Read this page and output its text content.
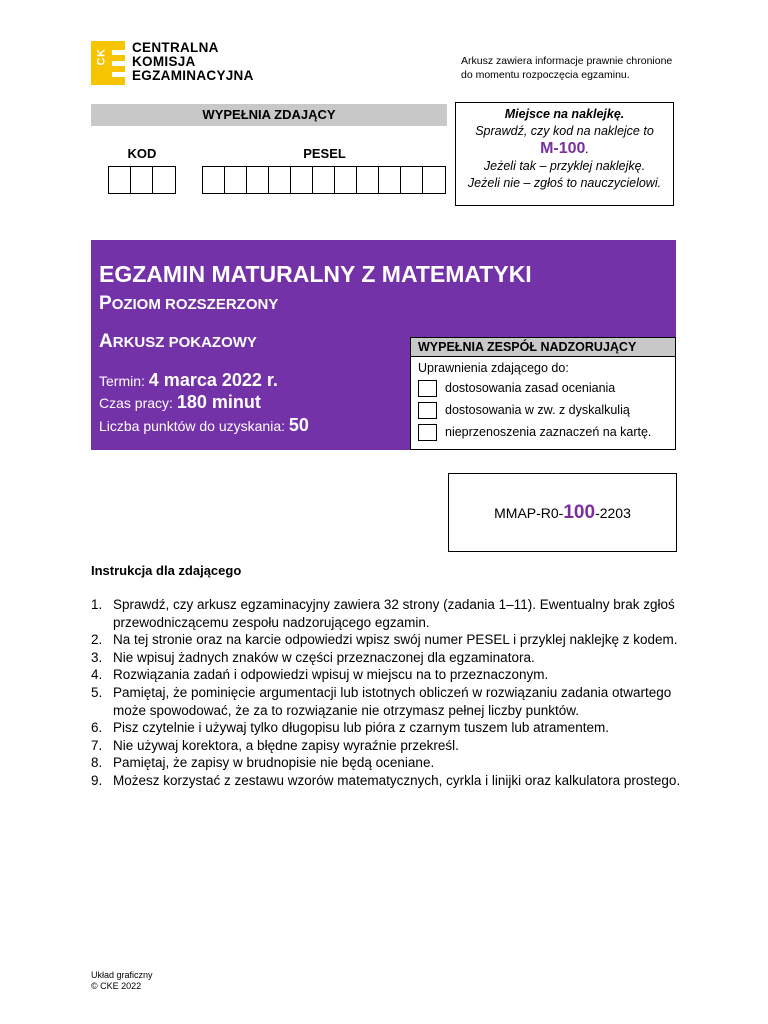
CK
CENTRALNA
KOMISJA
EGZAMINACYJNA
Arkusz zawiera informacje prawnie chronione
do momentu rozpoczęcia egzaminu.
WYPEŁNIA ZDAJĄCY
KOD	PESEL
Miejsce na naklejkę.
Sprawdź, czy kod na naklejce to
M-100.
Jeżeli tak – przyklej naklejkę.
Jeżeli nie – zgłoś to nauczycielowi.
EGZAMIN MATURALNY Z MATEMATYKI
POZIOM ROZSZERZONY
ARKUSZ POKAZOWY
Termin: 4 marca 2022 r.
Czas pracy: 180 minut
Liczba punktów do uzyskania: 50
WYPEŁNIA ZESPÓŁ NADZORUJĄCY
Uprawnienia zdającego do:
dostosowania zasad oceniania
dostosowania w zw. z dyskalkulią
nieprzenoszenia zaznaczeń na kartę.
MMAP-R0- 100 -2203
Instrukcja dla zdającego
1. Sprawdź, czy arkusz egzaminacyjny zawiera 32 strony (zadania 1–11). Ewentualny brak zgłoś przewodniczącemu zespołu nadzorującego egzamin.
2. Na tej stronie oraz na karcie odpowiedzi wpisz swój numer PESEL i przyklej naklejkę z kodem.
3. Nie wpisuj żadnych znaków w części przeznaczonej dla egzaminatora.
4. Rozwiązania zadań i odpowiedzi wpisuj w miejscu na to przeznaczonym.
5. Pamiętaj, że pominięcie argumentacji lub istotnych obliczeń w rozwiązaniu zadania otwartego może spowodować, że za to rozwiązanie nie otrzymasz pełnej liczby punktów.
6. Pisz czytelnie i używaj tylko długopisu lub pióra z czarnym tuszem lub atramentem.
7. Nie używaj korektora, a błędne zapisy wyraźnie przekreśl.
8. Pamiętaj, że zapisy w brudnopisie nie będą oceniane.
9. Możesz korzystać z zestawu wzorów matematycznych, cyrkla i linijki oraz kalkulatora prostego.
Układ graficzny
© CKE 2022
